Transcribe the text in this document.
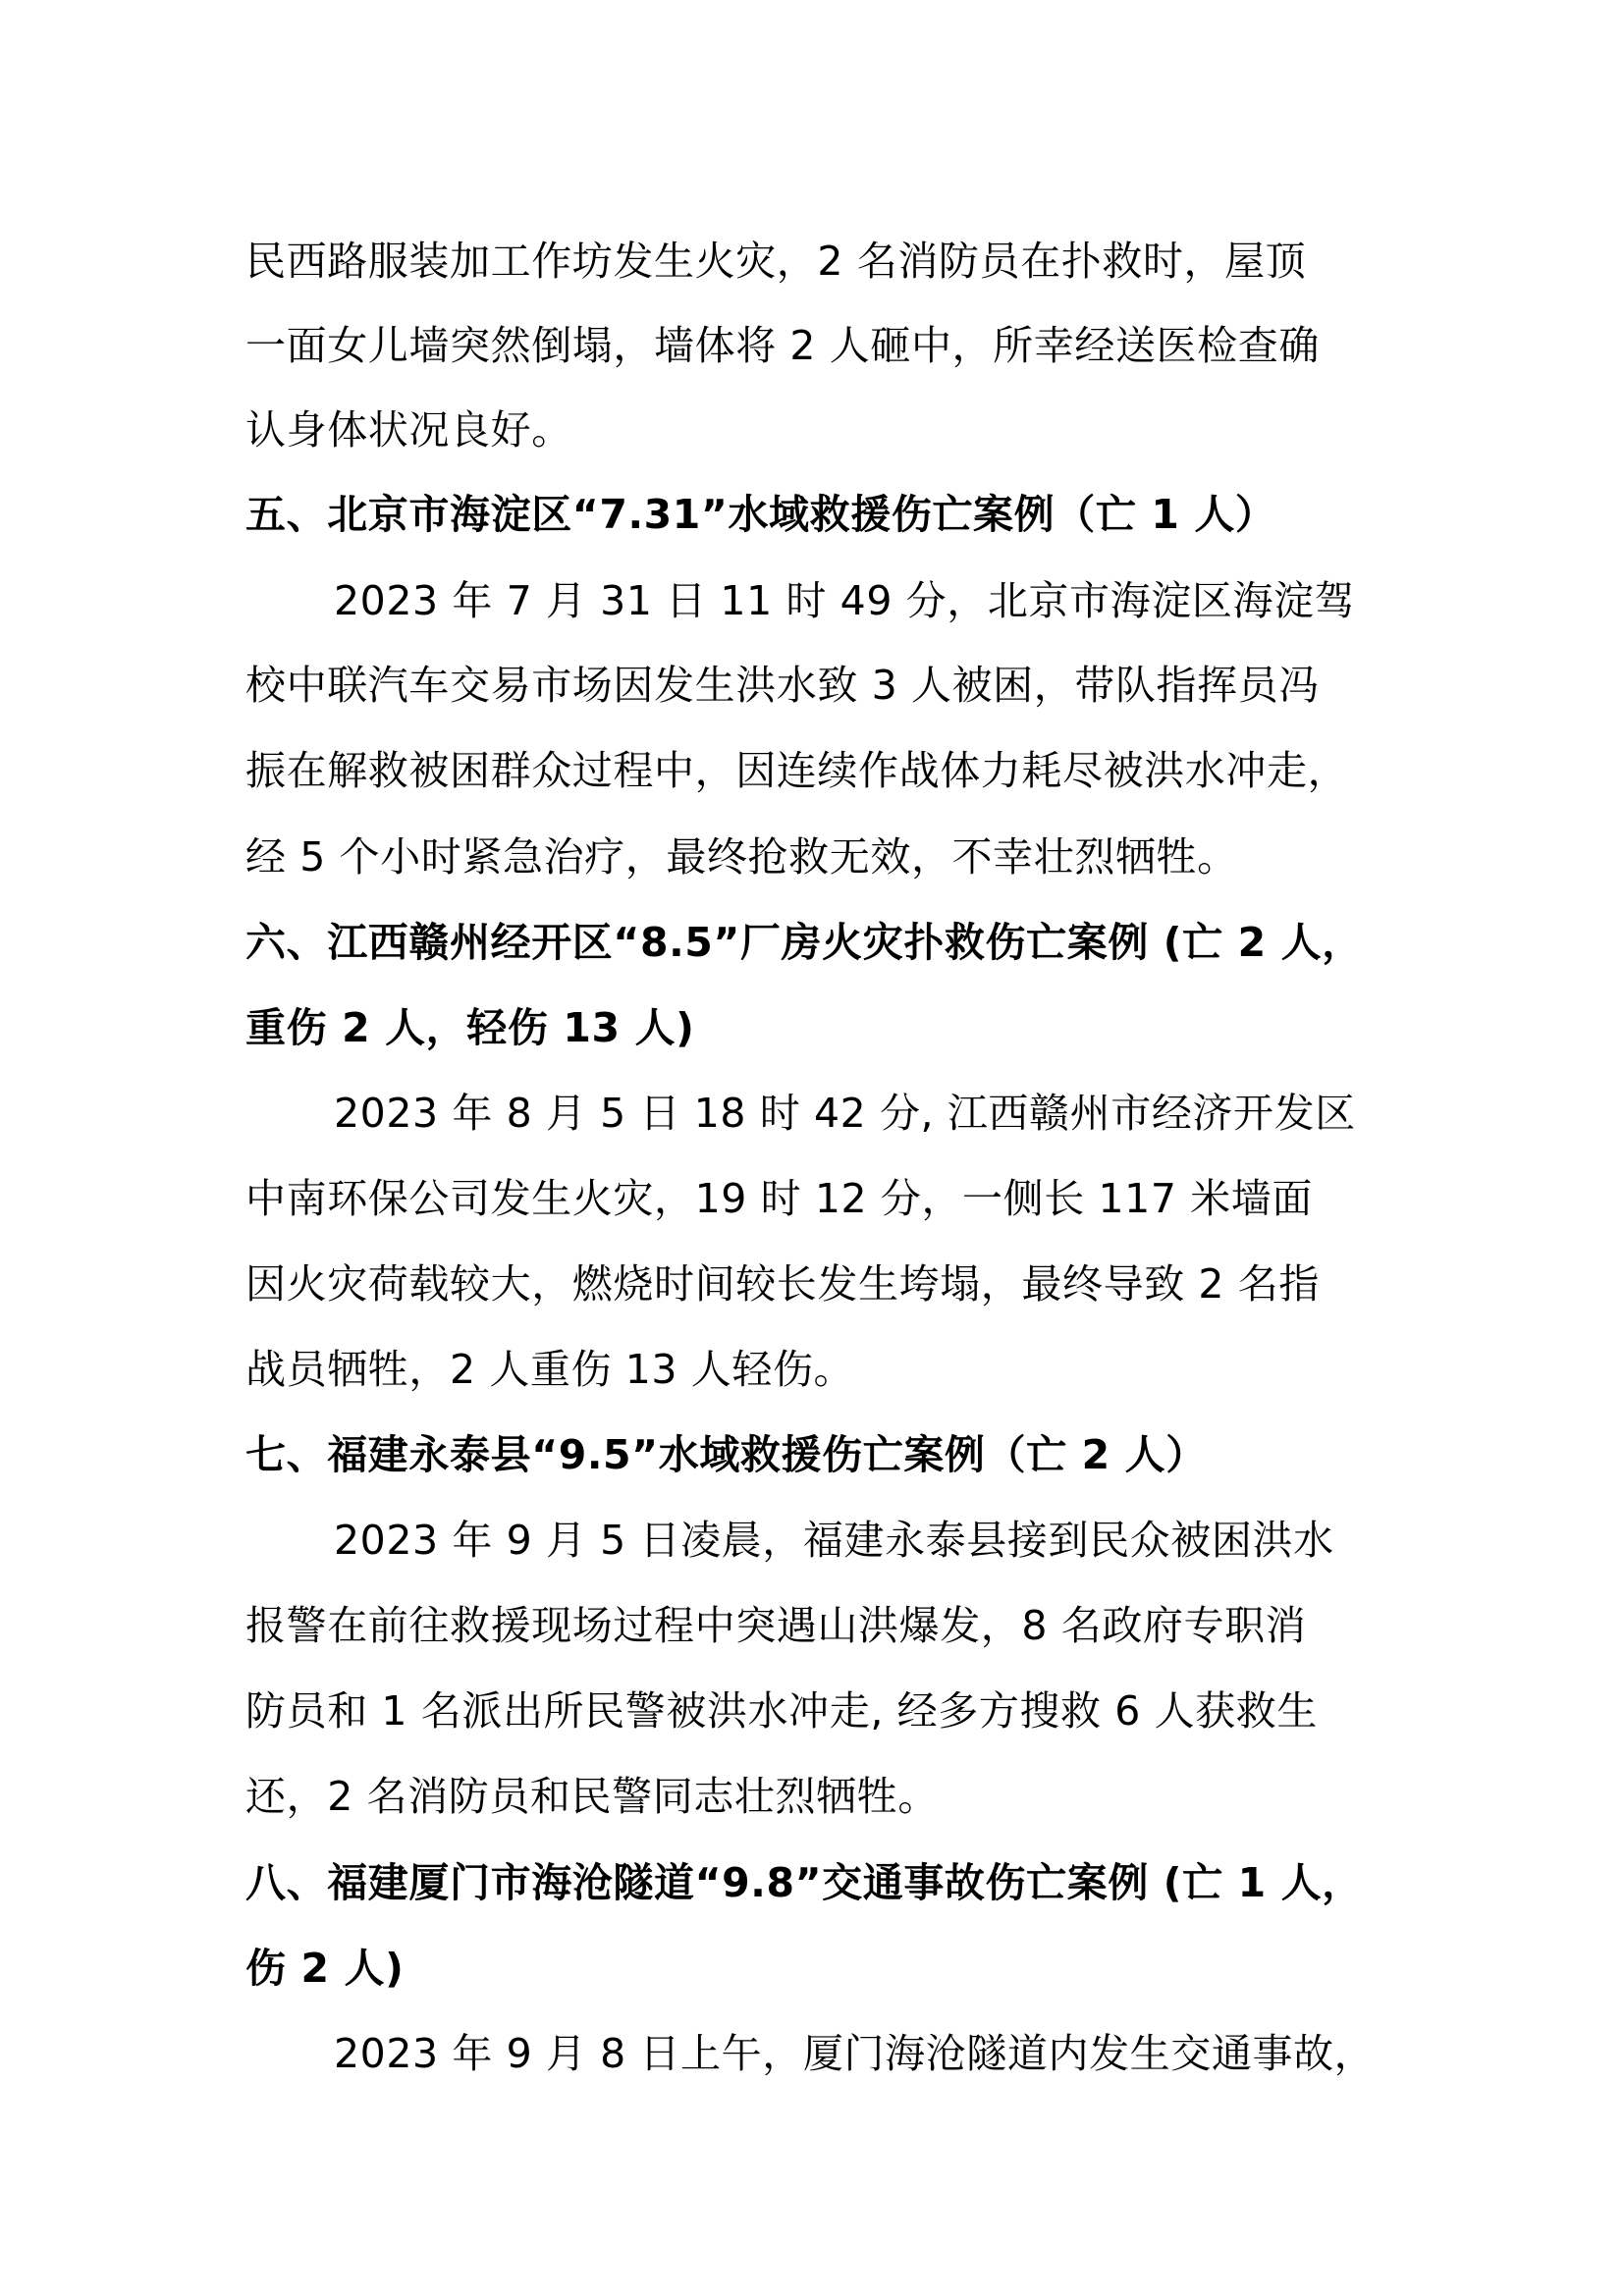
民西路服装加工作坊发生火灾，2 名消防员在扑救时，屋顶
一面女儿墙突然倒塌，墙体将 2 人砸中，所幸经送医检查确
认身体状况良好。
五、北京市海淀区“7.31”水域救援伤亡案例（亡 1 人）
2023 年 7 月 31 日 11 时 49 分，北京市海淀区海淀驾
校中联汽车交易市场因发生洪水致 3 人被困，带队指挥员冯
振在解救被困群众过程中，因连续作战体力耗尽被洪水冲走，
经 5 个小时紧急治疗，最终抢救无效，不幸壮烈牺牲。
六、江西赣州经开区“8.5”厂房火灾扑救伤亡案例 (亡 2 人，
重伤 2 人，轻伤 13 人)
2023 年 8 月 5 日 18 时 42 分, 江西赣州市经济开发区
中南环保公司发生火灾，19 时 12 分，一侧长 117 米墙面
因火灾荷载较大，燃烧时间较长发生垮塌，最终导致 2 名指
战员牺牲，2 人重伤 13 人轻伤。
七、福建永泰县“9.5”水域救援伤亡案例（亡 2 人）
2023 年 9 月 5 日凌晨，福建永泰县接到民众被困洪水
报警在前往救援现场过程中突遇山洪爆发，8 名政府专职消
防员和 1 名派出所民警被洪水冲走, 经多方搜救 6 人获救生
还，2 名消防员和民警同志壮烈牺牲。
八、福建厦门市海沧隧道“9.8”交通事故伤亡案例 (亡 1 人，
伤 2 人)
2023 年 9 月 8 日上午，厦门海沧隧道内发生交通事故，
